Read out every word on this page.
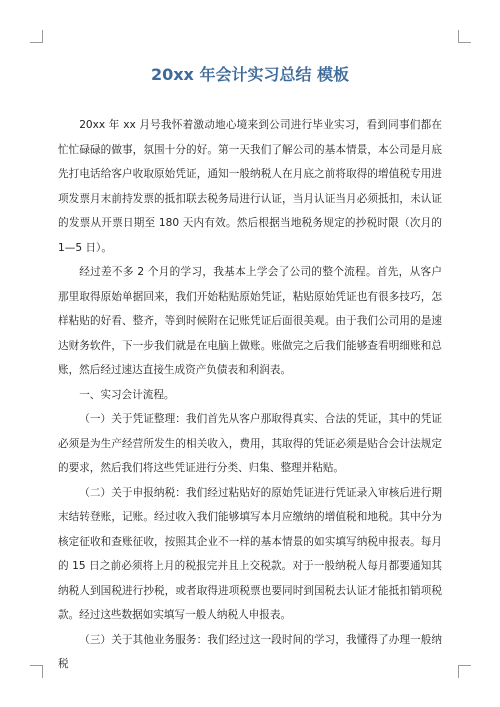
20xx 年会计实习总结 模板

20xx 年 xx 月号我怀着激动地心境来到公司进行毕业实习，看到同事们都在忙忙碌碌的做事，氛围十分的好。第一天我们了解公司的基本情景，本公司是月底先打电话给客户收取原始凭证，通知一般纳税人在月底之前将取得的增值税专用进项发票月末前持发票的抵扣联去税务局进行认证，当月认证当月必须抵扣，未认证的发票从开票日期至 180 天内有效。然后根据当地税务规定的抄税时限（次月的 1—5 日）。

经过差不多 2 个月的学习，我基本上学会了公司的整个流程。首先，从客户那里取得原始单据回来，我们开始粘贴原始凭证，粘贴原始凭证也有很多技巧，怎样粘贴的好看、整齐，等到时候附在记账凭证后面很美观。由于我们公司用的是速达财务软件，下一步我们就是在电脑上做账。账做完之后我们能够查看明细账和总账，然后经过速达直接生成资产负债表和利润表。

一、实习会计流程。

（一）关于凭证整理：我们首先从客户那取得真实、合法的凭证，其中的凭证必须是为生产经营所发生的相关收入，费用，其取得的凭证必须是贴合会计法规定的要求，然后我们将这些凭证进行分类、归集、整理并粘贴。

（二）关于申报纳税：我们经过粘贴好的原始凭证进行凭证录入审核后进行期末结转登账，记账。经过收入我们能够填写本月应缴纳的增值税和地税。其中分为核定征收和查账征收，按照其企业不一样的基本情景的如实填写纳税申报表。每月的 15 日之前必须将上月的税报完并且上交税款。对于一般纳税人每月都要通知其纳税人到国税进行抄税，或者取得进项税票也要同时到国税去认证才能抵扣销项税款。经过这些数据如实填写一般人纳税人申报表。

（三）关于其他业务服务：我们经过这一段时间的学习，我懂得了办理一般纳税
